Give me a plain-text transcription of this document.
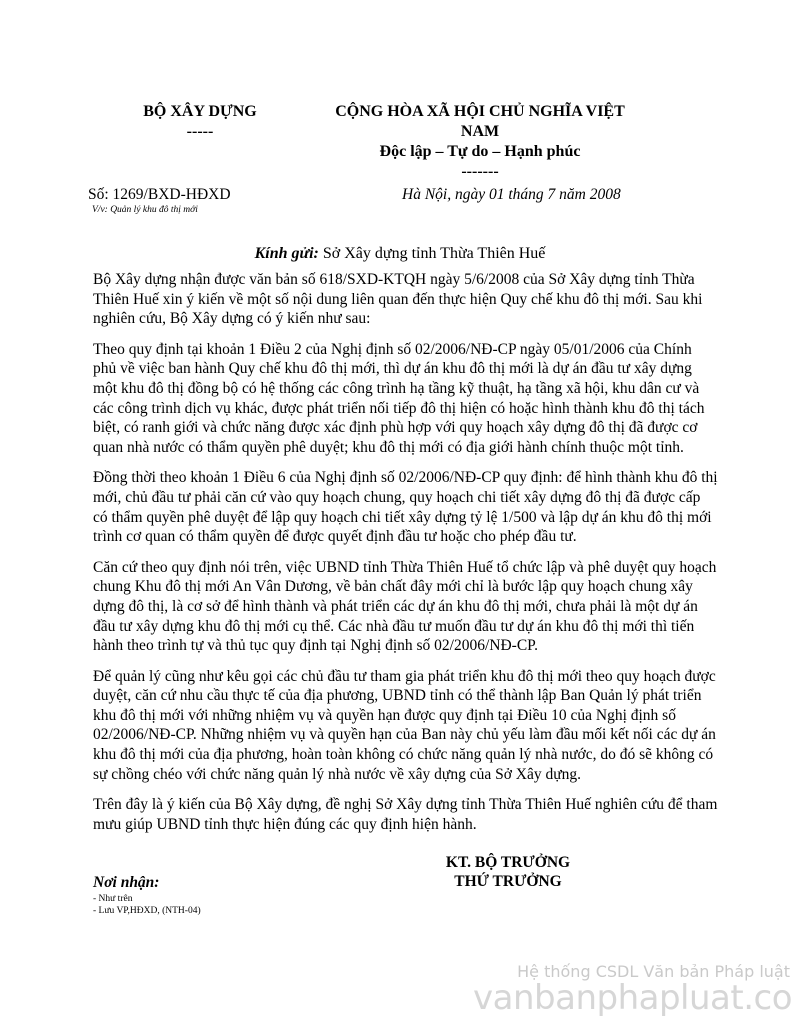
BỘ XÂY DỰNG
-----
CỘNG HÒA XÃ HỘI CHỦ NGHĨA VIỆT
NAM
Độc lập – Tự do – Hạnh phúc
-------
Số: 1269/BXD-HĐXD
V/v: Quản lý khu đô thị mới
Hà Nội, ngày 01 tháng 7 năm 2008
Kính gửi: Sở Xây dựng tỉnh Thừa Thiên Huế

Bộ Xây dựng nhận được văn bản số 618/SXD-KTQH ngày 5/6/2008 của Sở Xây dựng tỉnh Thừa Thiên Huế xin ý kiến về một số nội dung liên quan đến thực hiện Quy chế khu đô thị mới. Sau khi nghiên cứu, Bộ Xây dựng có ý kiến như sau:

Theo quy định tại khoản 1 Điều 2 của Nghị định số 02/2006/NĐ-CP ngày 05/01/2006 của Chính phủ về việc ban hành Quy chế khu đô thị mới, thì dự án khu đô thị mới là dự án đầu tư xây dựng một khu đô thị đồng bộ có hệ thống các công trình hạ tầng kỹ thuật, hạ tầng xã hội, khu dân cư và các công trình dịch vụ khác, được phát triển nối tiếp đô thị hiện có hoặc hình thành khu đô thị tách biệt, có ranh giới và chức năng được xác định phù hợp với quy hoạch xây dựng đô thị đã được cơ quan nhà nước có thẩm quyền phê duyệt; khu đô thị mới có địa giới hành chính thuộc một tỉnh.

Đồng thời theo khoản 1 Điều 6 của Nghị định số 02/2006/NĐ-CP quy định: để hình thành khu đô thị mới, chủ đầu tư phải căn cứ vào quy hoạch chung, quy hoạch chi tiết xây dựng đô thị đã được cấp có thẩm quyền phê duyệt để lập quy hoạch chi tiết xây dựng tỷ lệ 1/500 và lập dự án khu đô thị mới trình cơ quan có thẩm quyền để được quyết định đầu tư hoặc cho phép đầu tư.

Căn cứ theo quy định nói trên, việc UBND tỉnh Thừa Thiên Huế tổ chức lập và phê duyệt quy hoạch chung Khu đô thị mới An Vân Dương, về bản chất đây mới chỉ là bước lập quy hoạch chung xây dựng đô thị, là cơ sở để hình thành và phát triển các dự án khu đô thị mới, chưa phải là một dự án đầu tư xây dựng khu đô thị mới cụ thể. Các nhà đầu tư muốn đầu tư dự án khu đô thị mới thì tiến hành theo trình tự và thủ tục quy định tại Nghị định số 02/2006/NĐ-CP.

Để quản lý cũng như kêu gọi các chủ đầu tư tham gia phát triển khu đô thị mới theo quy hoạch được duyệt, căn cứ nhu cầu thực tế của địa phương, UBND tỉnh có thể thành lập Ban Quản lý phát triển khu đô thị mới với những nhiệm vụ và quyền hạn được quy định tại Điều 10 của Nghị định số 02/2006/NĐ-CP. Những nhiệm vụ và quyền hạn của Ban này chủ yếu làm đầu mối kết nối các dự án khu đô thị mới của địa phương, hoàn toàn không có chức năng quản lý nhà nước, do đó sẽ không có sự chồng chéo với chức năng quản lý nhà nước về xây dựng của Sở Xây dựng.

Trên đây là ý kiến của Bộ Xây dựng, đề nghị Sở Xây dựng tỉnh Thừa Thiên Huế nghiên cứu để tham mưu giúp UBND tỉnh thực hiện đúng các quy định hiện hành.

KT. BỘ TRƯỞNG
THỨ TRƯỞNG
Nơi nhận:
- Như trên
- Lưu VP,HĐXD, (NTH-04)
Hệ thống CSDL Văn bản Pháp luật
vanbanphapluat.co
